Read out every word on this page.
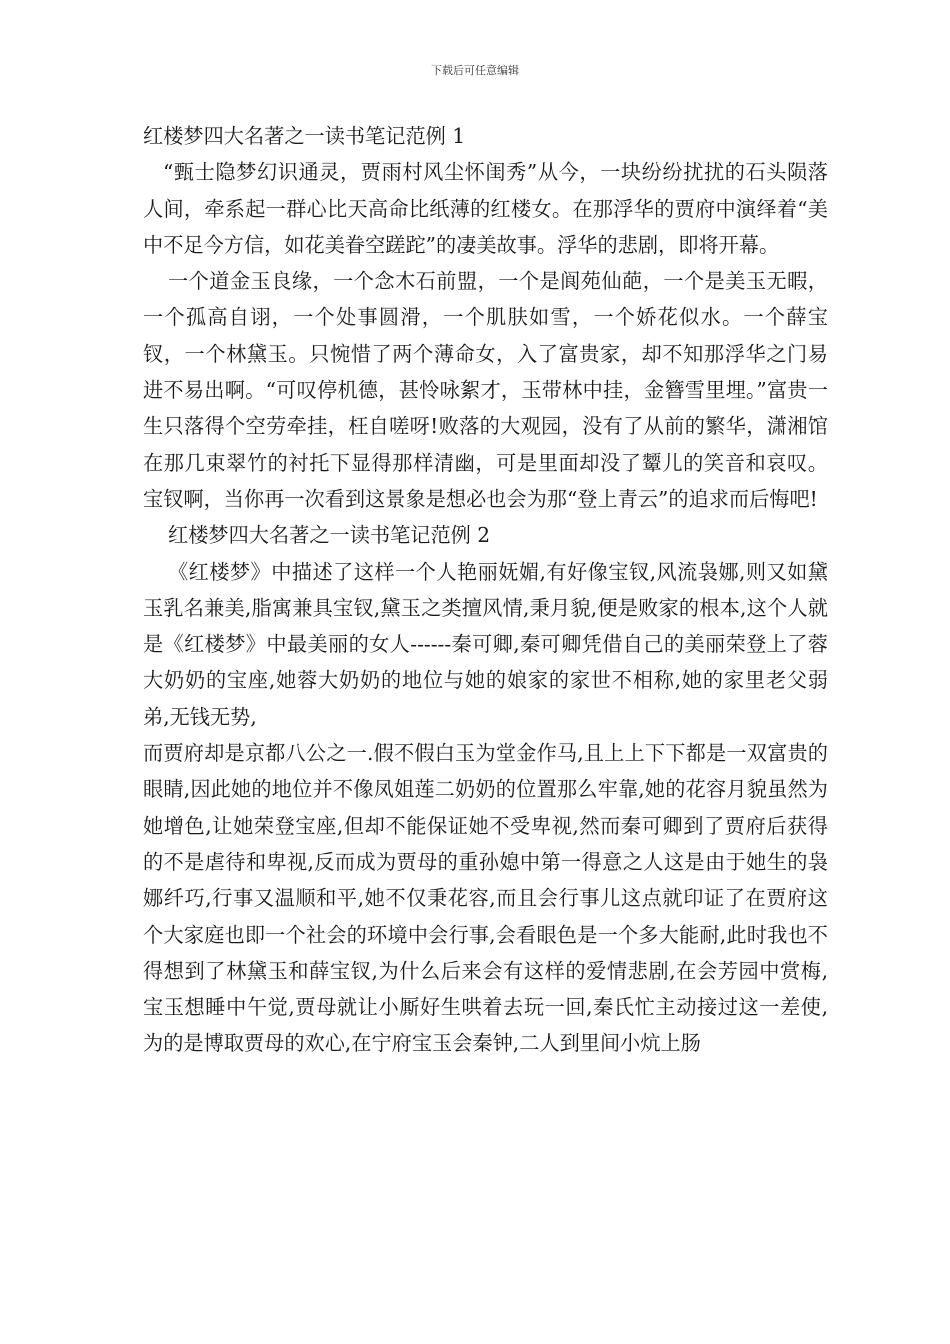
下载后可任意编辑

红楼梦四大名著之一读书笔记范例 1

“甄士隐梦幻识通灵，贾雨村风尘怀闺秀”从今，一块纷纷扰扰的石头陨落人间，牵系起一群心比天高命比纸薄的红楼女。在那浮华的贾府中演绎着“美中不足今方信，如花美眷空蹉跎”的凄美故事。浮华的悲剧，即将开幕。

一个道金玉良缘，一个念木石前盟，一个是阆苑仙葩，一个是美玉无暇，一个孤高自诩，一个处事圆滑，一个肌肤如雪，一个娇花似水。一个薛宝钗，一个林黛玉。只惋惜了两个薄命女，入了富贵家，却不知那浮华之门易进不易出啊。“可叹停机德，甚怜咏絮才，玉带林中挂，金簪雪里埋。”富贵一生只落得个空劳牵挂，枉自嗟呀!败落的大观园，没有了从前的繁华，潇湘馆在那几束翠竹的衬托下显得那样清幽，可是里面却没了颦儿的笑音和哀叹。宝钗啊，当你再一次看到这景象是想必也会为那“登上青云”的追求而后悔吧!

红楼梦四大名著之一读书笔记范例 2

《红楼梦》中描述了这样一个人艳丽妩媚,有好像宝钗,风流袅娜,则又如黛玉乳名兼美,脂寓兼具宝钗,黛玉之类擅风情,秉月貌,便是败家的根本,这个人就是《红楼梦》中最美丽的女人------秦可卿,秦可卿凭借自己的美丽荣登上了蓉大奶奶的宝座,她蓉大奶奶的地位与她的娘家的家世不相称,她的家里老父弱弟,无钱无势,

而贾府却是京都八公之一.假不假白玉为堂金作马,且上上下下都是一双富贵的眼睛,因此她的地位并不像凤姐莲二奶奶的位置那么牢靠,她的花容月貌虽然为她增色,让她荣登宝座,但却不能保证她不受卑视,然而秦可卿到了贾府后获得的不是虐待和卑视,反而成为贾母的重孙媳中第一得意之人这是由于她生的袅娜纤巧,行事又温顺和平,她不仅秉花容,而且会行事儿这点就印证了在贾府这个大家庭也即一个社会的环境中会行事,会看眼色是一个多大能耐,此时我也不得想到了林黛玉和薛宝钗,为什么后来会有这样的爱情悲剧,在会芳园中赏梅,宝玉想睡中午觉,贾母就让小厮好生哄着去玩一回,秦氏忙主动接过这一差使,为的是博取贾母的欢心,在宁府宝玉会秦钟,二人到里间小炕上肠
